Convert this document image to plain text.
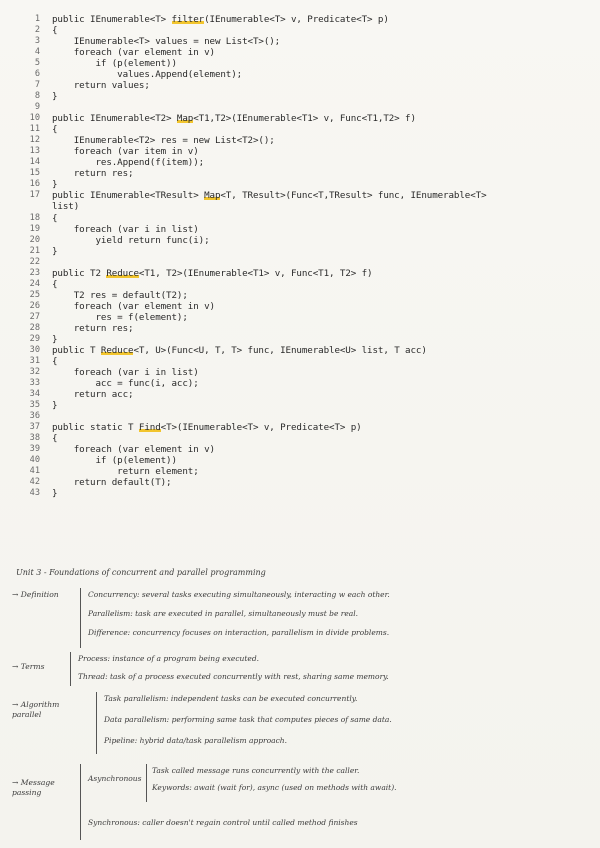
1 public IEnumerable<T> filter(IEnumerable<T> v, Predicate<T> p)
2 {
3 IEnumerable<T> values = new List<T>();
4 foreach (var element in v)
5 if (p(element))
6 values.Append(element);
7 return values;
8 }
9
10 public IEnumerable<T2> Map<T1,T2>(IEnumerable<T1> v, Func<T1,T2> f)
11 {
12 IEnumerable<T2> res = new List<T2>();
13 foreach (var item in v)
14 res.Append(f(item));
15 return res;
16 }
17 public IEnumerable<TResult> Map<T, TResult>(Func<T,TResult> func, IEnumerable<T>
list)
18 {
19 foreach (var i in list)
20 yield return func(i);
21 }
22
23 public T2 Reduce<T1, T2>(IEnumerable<T1> v, Func<T1, T2> f)
24 {
25 T2 res = default(T2);
26 foreach (var element in v)
27 res = f(element);
28 return res;
29 }
30 public T Reduce<T, U>(Func<U, T, T> func, IEnumerable<U> list, T acc)
31 {
32 foreach (var i in list)
33 acc = func(i, acc);
34 return acc;
35 }
36
37 public static T Find<T>(IEnumerable<T> v, Predicate<T> p)
38 {
39 foreach (var element in v)
40 if (p(element))
41 return element;
42 return default(T);
43 }
Unit 3 - Foundations of concurrent and parallel programming
→ Definition	Concurrency: several tasks executing simultaneously, interacting w each other.
Parallelism: task are executed in parallel, simultaneously must be real.
Difference: concurrency focuses on interaction, parallelism in divide problems.
→ Terms
Process: instance of a program being executed.
Thread: task of a process executed concurrently with rest, sharing same memory.
→ Algorithm parallel
Task parallelism: independent tasks can be executed concurrently.
Data parallelism: performing same task that computes pieces of same data.
Pipeline: hybrid data/task parallelism approach.
→ Message passing
Asynchronous
Task called message runs concurrently with the caller.
Keywords: await (wait for), async (used on methods with await).
Synchronous: caller doesn't regain control until called method finishes
